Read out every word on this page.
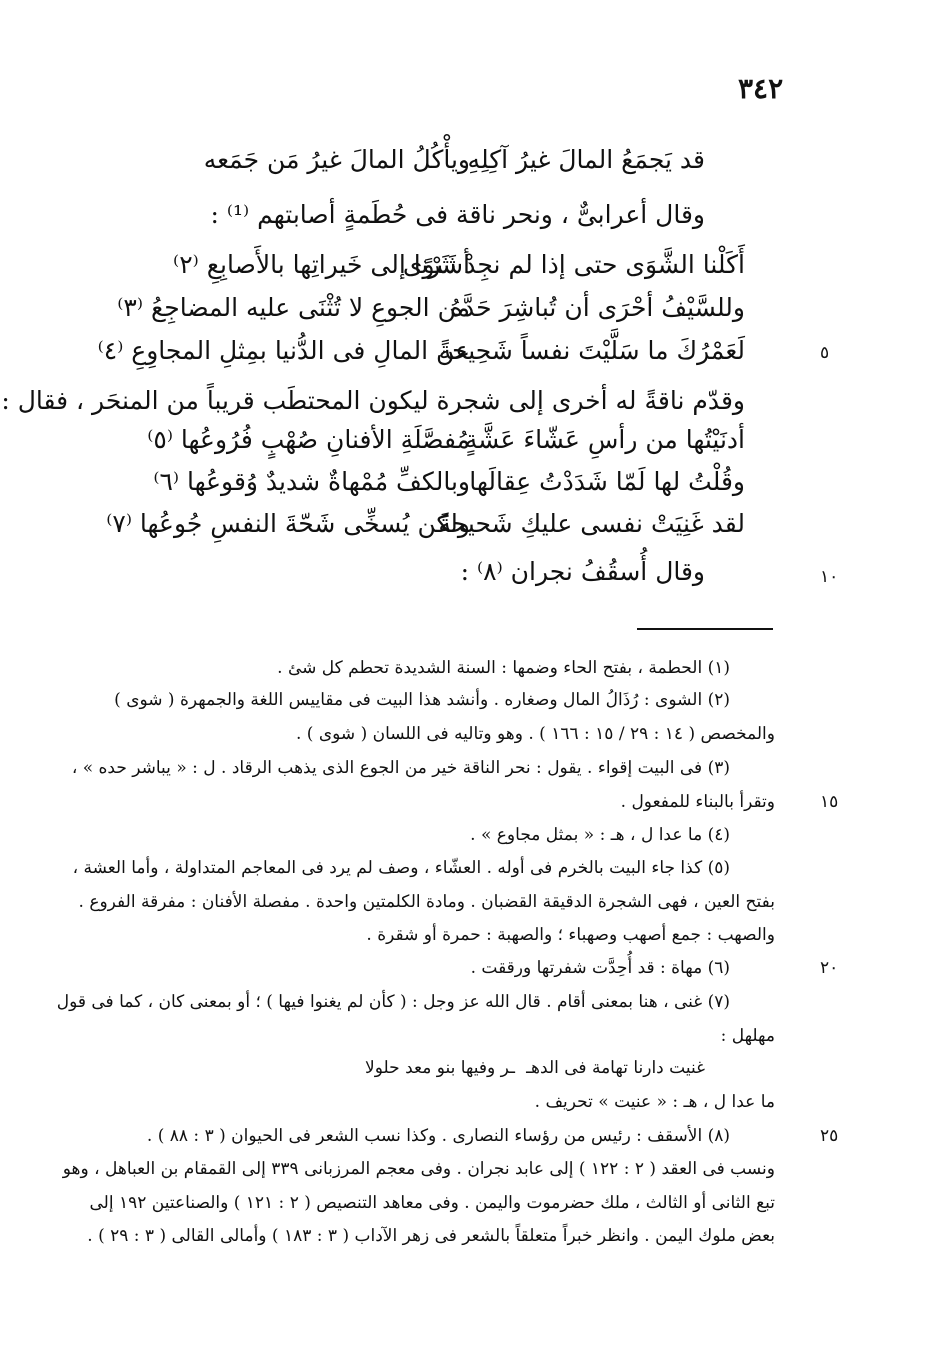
٣٤٢
قد يَجمَعُ المالَ غيرُ آكِلِهِ
ويأْكُلُ المالَ غيرُ مَن جَمَعه
وقال أعرابىٌّ ، ونحر ناقة فى حُطَمةٍ أصابتهم ⁽¹⁾ :
أَكَلْنا الشَّوَى حتى إذا لم نجِدْ شَوًى
أشَرْنا إلى خَيراتِها بالأَصابِعِ ⁽٢⁾
وللسَّيْفُ أحْرَى أن تُباشِرَ حَدَّهُ
من الجوعِ لا تُثْنَى عليه المضاجِعُ ⁽٣⁾
لَعَمْرُكَ ما سَلَّيْتَ نفساً شَحِيحةً
عن المالِ فى الدُّنيا بمِثلِ المجاوِعِ ⁽٤⁾
وقدّم ناقةً له أخرى إلى شجرة ليكون المحتطَب قريباً من المنحَر ، فقال :
أدنَيْتُها من رأسِ عَشّاءَ عَشَّةٍ
مُفصَّلَةِ الأفنانِ صُهْبٍ فُرُوعُها ⁽٥⁾
وقُلْتُ لها لَمّا شَدَدْتُ عِقالَها
وبالكفِّ مُمْهاةٌ شديدٌ وُقوعُها ⁽٦⁾
لقد غَنِيَتْ نفسى عليكِ شَحيحةً
ولكن يُسخِّى شَحّةَ النفسِ جُوعُها ⁽٧⁾
وقال أُسقُفُ نجران ⁽٨⁾ :
٥
١٠
١٥
٢٠
٢٥
(١) الحطمة ، بفتح الحاء وضمها : السنة الشديدة تحطم كل شئ .
(٢) الشوى : رُذَالُ المال وصغاره . وأنشد هذا البيت فى مقاييس اللغة والجمهرة ( شوى )
والمخصص ( ١٤ : ٢٩ / ١٥ : ١٦٦ ) . وهو وتاليه فى اللسان ( شوى ) .
(٣) فى البيت إقواء . يقول : نحر الناقة خير من الجوع الذى يذهب الرقاد . ل : « يباشر حده » ،
وتقرأ بالبناء للمفعول .
(٤) ما عدا ل ، هـ : « بمثل مجاوع » .
(٥) كذا جاء البيت بالخرم فى أوله . العشّاء ، وصف لم يرد فى المعاجم المتداولة ، وأما العشة ،
بفتح العين ، فهى الشجرة الدقيقة القضبان . ومادة الكلمتين واحدة . مفصلة الأفنان : مفرقة الفروع .
والصهب : جمع أصهب وصهباء ؛ والصهبة : حمرة أو شقرة .
(٦) مهاة : قد أُحِدَّت شفرتها ورققت .
(٧) غنى ، هنا بمعنى أقام . قال الله عز وجل : ( كأن لم يغنوا فيها ) ؛ أو بمعنى كان ، كما فى قول
مهلهل :
غنيت دارنا تهامة فى الدهـ
ـر وفيها بنو معد حلولا
ما عدا ل ، هـ : « عنيت » تحريف .
(٨) الأسقف : رئيس من رؤساء النصارى . وكذا نسب الشعر فى الحيوان ( ٣ : ٨٨ ) .
ونسب فى العقد ( ٢ : ١٢٢ ) إلى عابد نجران . وفى معجم المرزبانى ٣٣٩ إلى القمقام بن العباهل ، وهو
تبع الثانى أو الثالث ، ملك حضرموت واليمن . وفى معاهد التنصيص ( ٢ : ١٢١ ) والصناعتين ١٩٢ إلى
بعض ملوك اليمن . وانظر خبراً متعلقاً بالشعر فى زهر الآداب ( ٣ : ١٨٣ ) وأمالى القالى ( ٣ : ٢٩ ) .
